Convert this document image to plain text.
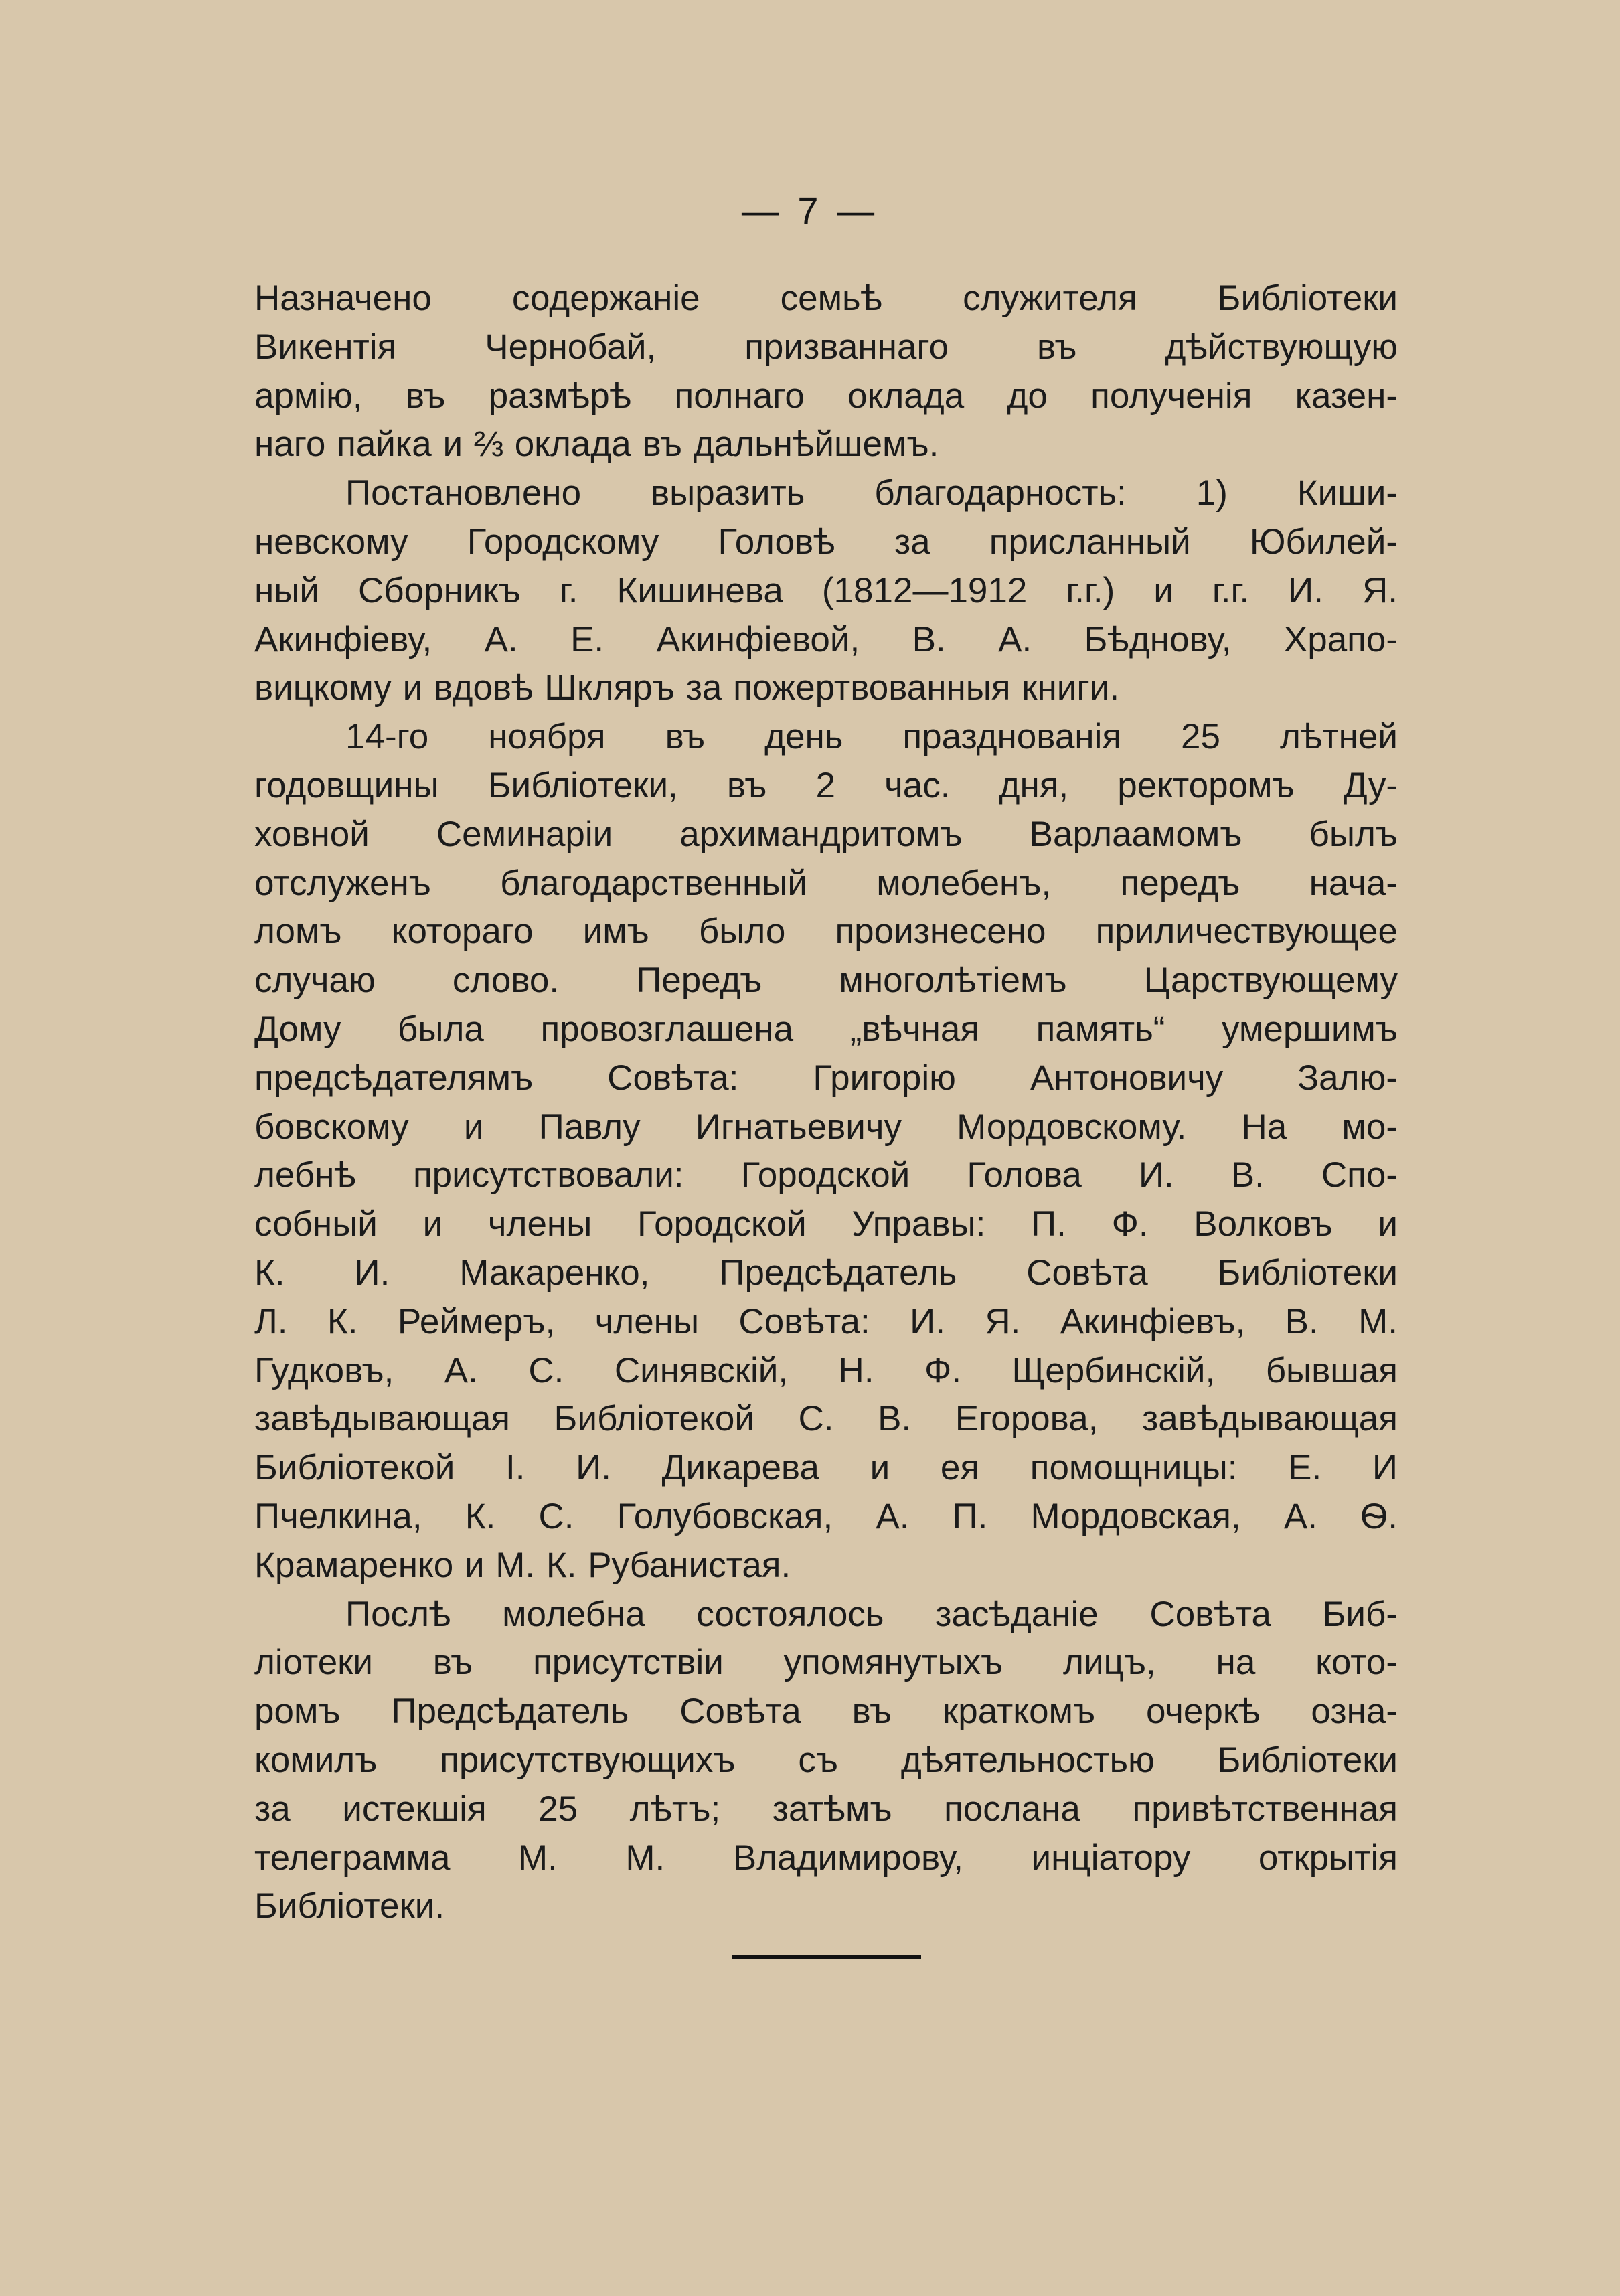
— 7 —
Назначено содержаніе семьѣ служителя Библіотеки
Викентія Чернобай, призваннаго въ дѣйствующую
армію, въ размѣрѣ полнаго оклада до полученія казен-
наго пайка и ⅔ оклада въ дальнѣйшемъ.
Постановлено выразить благодарность: 1) Киши-
невскому Городскому Головѣ за присланный Юбилей-
ный Сборникъ г. Кишинева (1812—1912 г.г.) и г.г. И. Я.
Акинфіеву, А. Е. Акинфіевой, В. А. Бѣднову, Храпо-
вицкому и вдовѣ Шкляръ за пожертвованныя книги.
14-го ноября въ день празднованія 25 лѣтней
годовщины Библіотеки, въ 2 час. дня, ректоромъ Ду-
ховной Семинаріи архимандритомъ Варлаамомъ былъ
отслуженъ благодарственный молебенъ, передъ нача-
ломъ котораго имъ было произнесено приличествующее
случаю слово. Передъ многолѣтіемъ Царствующему
Дому была провозглашена „вѣчная память“ умершимъ
предсѣдателямъ Совѣта: Григорію Антоновичу Залю-
бовскому и Павлу Игнатьевичу Мордовскому. На мо-
лебнѣ присутствовали: Городской Голова И. В. Спо-
собный и члены Городской Управы: П. Ф. Волковъ и
К. И. Макаренко, Предсѣдатель Совѣта Библіотеки
Л. К. Реймеръ, члены Совѣта: И. Я. Акинфіевъ, В. М.
Гудковъ, А. С. Синявскій, Н. Ф. Щербинскій, бывшая
завѣдывающая Библіотекой С. В. Егорова, завѣдывающая
Библіотекой І. И. Дикарева и ея помощницы: Е. И
Пчелкина, К. С. Голубовская, А. П. Мордовская, А. Ѳ.
Крамаренко и М. К. Рубанистая.
Послѣ молебна состоялось засѣданіе Совѣта Биб-
ліотеки въ присутствіи упомянутыхъ лицъ, на кото-
ромъ Предсѣдатель Совѣта въ краткомъ очеркѣ озна-
комилъ присутствующихъ съ дѣятельностью Библіотеки
за истекшія 25 лѣтъ; затѣмъ послана привѣтственная
телеграмма М. М. Владимирову, инціатору открытія
Библіотеки.
